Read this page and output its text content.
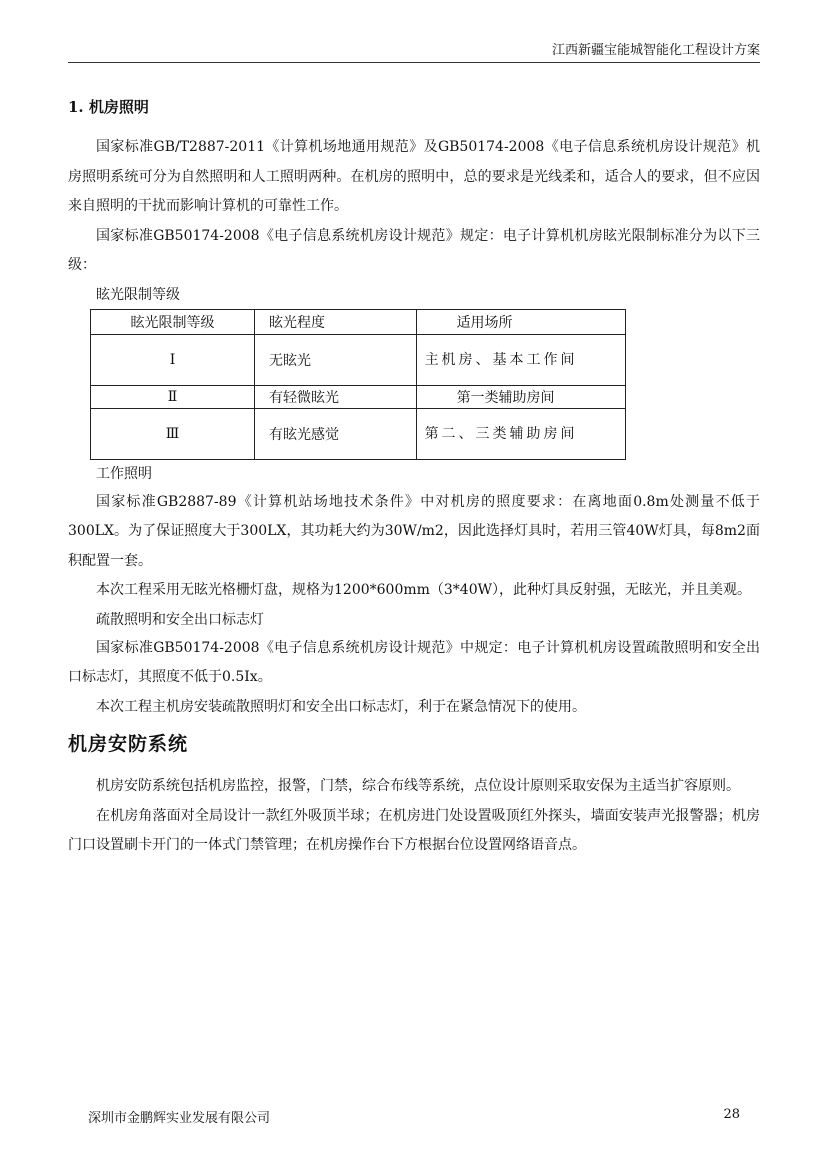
江西新疆宝能城智能化工程设计方案
1. 机房照明

国家标准GB/T2887-2011《计算机场地通用规范》及GB50174-2008《电子信息系统机房设计规范》机房照明系统可分为自然照明和人工照明两种。在机房的照明中，总的要求是光线柔和，适合人的要求，但不应因来自照明的干扰而影响计算机的可靠性工作。

国家标准GB50174-2008《电子信息系统机房设计规范》规定：电子计算机机房眩光限制标准分为以下三级：

眩光限制等级

眩光限制等级	眩光程度	适用场所
Ⅰ	无眩光	主机房、基本工作间
Ⅱ	有轻微眩光	第一类辅助房间
Ⅲ	有眩光感觉	第二、三类辅助房间

工作照明

国家标准GB2887-89《计算机站场地技术条件》中对机房的照度要求：在离地面0.8m处测量不低于300LX。为了保证照度大于300LX，其功耗大约为30W/m2，因此选择灯具时，若用三管40W灯具，每8m2面积配置一套。

本次工程采用无眩光格栅灯盘，规格为1200*600mm（3*40W），此种灯具反射强，无眩光，并且美观。

疏散照明和安全出口标志灯

国家标准GB50174-2008《电子信息系统机房设计规范》中规定：电子计算机机房设置疏散照明和安全出口标志灯，其照度不低于0.5Ix。

本次工程主机房安装疏散照明灯和安全出口标志灯，利于在紧急情况下的使用。

机房安防系统

机房安防系统包括机房监控，报警，门禁，综合布线等系统，点位设计原则采取安保为主适当扩容原则。

在机房角落面对全局设计一款红外吸顶半球；在机房进门处设置吸顶红外探头，墙面安装声光报警器；机房门口设置刷卡开门的一体式门禁管理；在机房操作台下方根据台位设置网络语音点。

深圳市金鹏辉实业发展有限公司	28
